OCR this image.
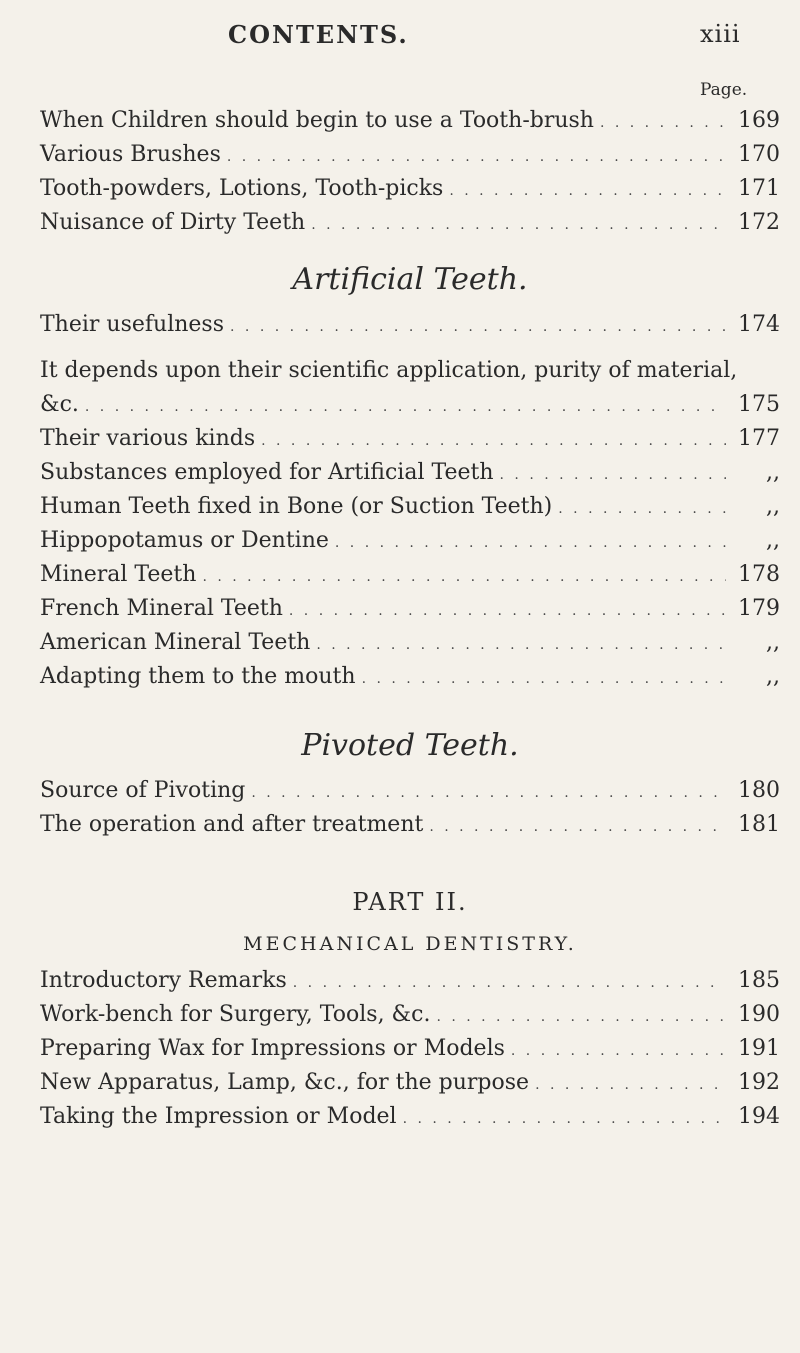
CONTENTS.	xiii
Page.
When Children should begin to use a Tooth-brush . . .	169
Various Brushes . . .	170
Tooth-powders, Lotions, Tooth-picks . . .	171
Nuisance of Dirty Teeth . . .	172
Artificial Teeth.
Their usefulness . . .	174
It depends upon their scientific application, purity of material,
&c. . . .	175
Their various kinds . . .	177
Substances employed for Artificial Teeth . . .	,,
Human Teeth fixed in Bone (or Suction Teeth) . . .	,,
Hippopotamus or Dentine . . .	,,
Mineral Teeth . . .	178
French Mineral Teeth . . .	179
American Mineral Teeth . . .	,,
Adapting them to the mouth . . .	,,
Pivoted Teeth.
Source of Pivoting . . .	180
The operation and after treatment . . .	181
PART II.
MECHANICAL DENTISTRY.
Introductory Remarks . . .	185
Work-bench for Surgery, Tools, &c. . . .	190
Preparing Wax for Impressions or Models . . .	191
New Apparatus, Lamp, &c., for the purpose . . .	192
Taking the Impression or Model . . .	194
